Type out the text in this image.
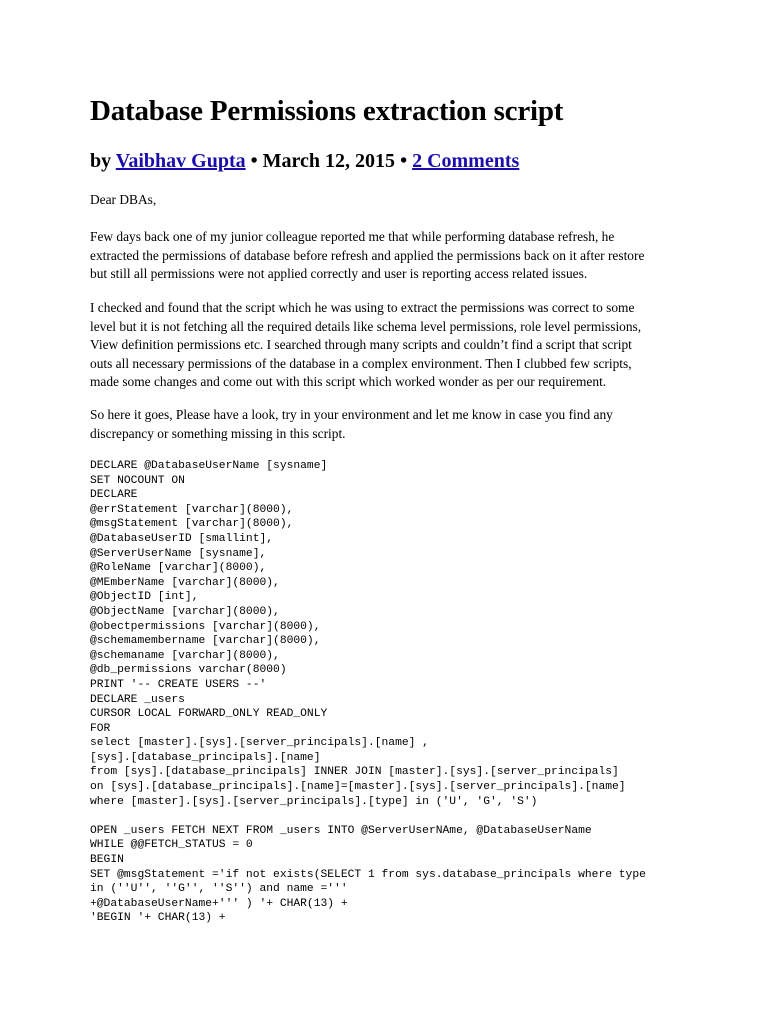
Database Permissions extraction script

by Vaibhav Gupta • March 12, 2015 • 2 Comments

Dear DBAs,

Few days back one of my junior colleague reported me that while performing database refresh, he
extracted the permissions of database before refresh and applied the permissions back on it after restore
but still all permissions were not applied correctly and user is reporting access related issues.

I checked and found that the script which he was using to extract the permissions was correct to some
level but it is not fetching all the required details like schema level permissions, role level permissions,
View definition permissions etc. I searched through many scripts and couldn’t find a script that script
outs all necessary permissions of the database in a complex environment. Then I clubbed few scripts,
made some changes and come out with this script which worked wonder as per our requirement.

So here it goes, Please have a look, try in your environment and let me know in case you find any
discrepancy or something missing in this script.

DECLARE @DatabaseUserName [sysname]
SET NOCOUNT ON
DECLARE
@errStatement [varchar](8000),
@msgStatement [varchar](8000),
@DatabaseUserID [smallint],
@ServerUserName [sysname],
@RoleName [varchar](8000),
@MEmberName [varchar](8000),
@ObjectID [int],
@ObjectName [varchar](8000),
@obectpermissions [varchar](8000),
@schemamembername [varchar](8000),
@schemaname [varchar](8000),
@db_permissions varchar(8000)
PRINT '-- CREATE USERS --'
DECLARE _users
CURSOR LOCAL FORWARD_ONLY READ_ONLY
FOR
select [master].[sys].[server_principals].[name] ,
[sys].[database_principals].[name]
from [sys].[database_principals] INNER JOIN [master].[sys].[server_principals]
on [sys].[database_principals].[name]=[master].[sys].[server_principals].[name]
where [master].[sys].[server_principals].[type] in ('U', 'G', 'S')
OPEN _users FETCH NEXT FROM _users INTO @ServerUserNAme, @DatabaseUserName
WHILE @@FETCH_STATUS = 0
BEGIN
SET @msgStatement ='if not exists(SELECT 1 from sys.database_principals where type
in (''U'', ''G'', ''S'') and name ='''
+@DatabaseUserName+''' ) '+ CHAR(13) +
'BEGIN '+ CHAR(13) +
